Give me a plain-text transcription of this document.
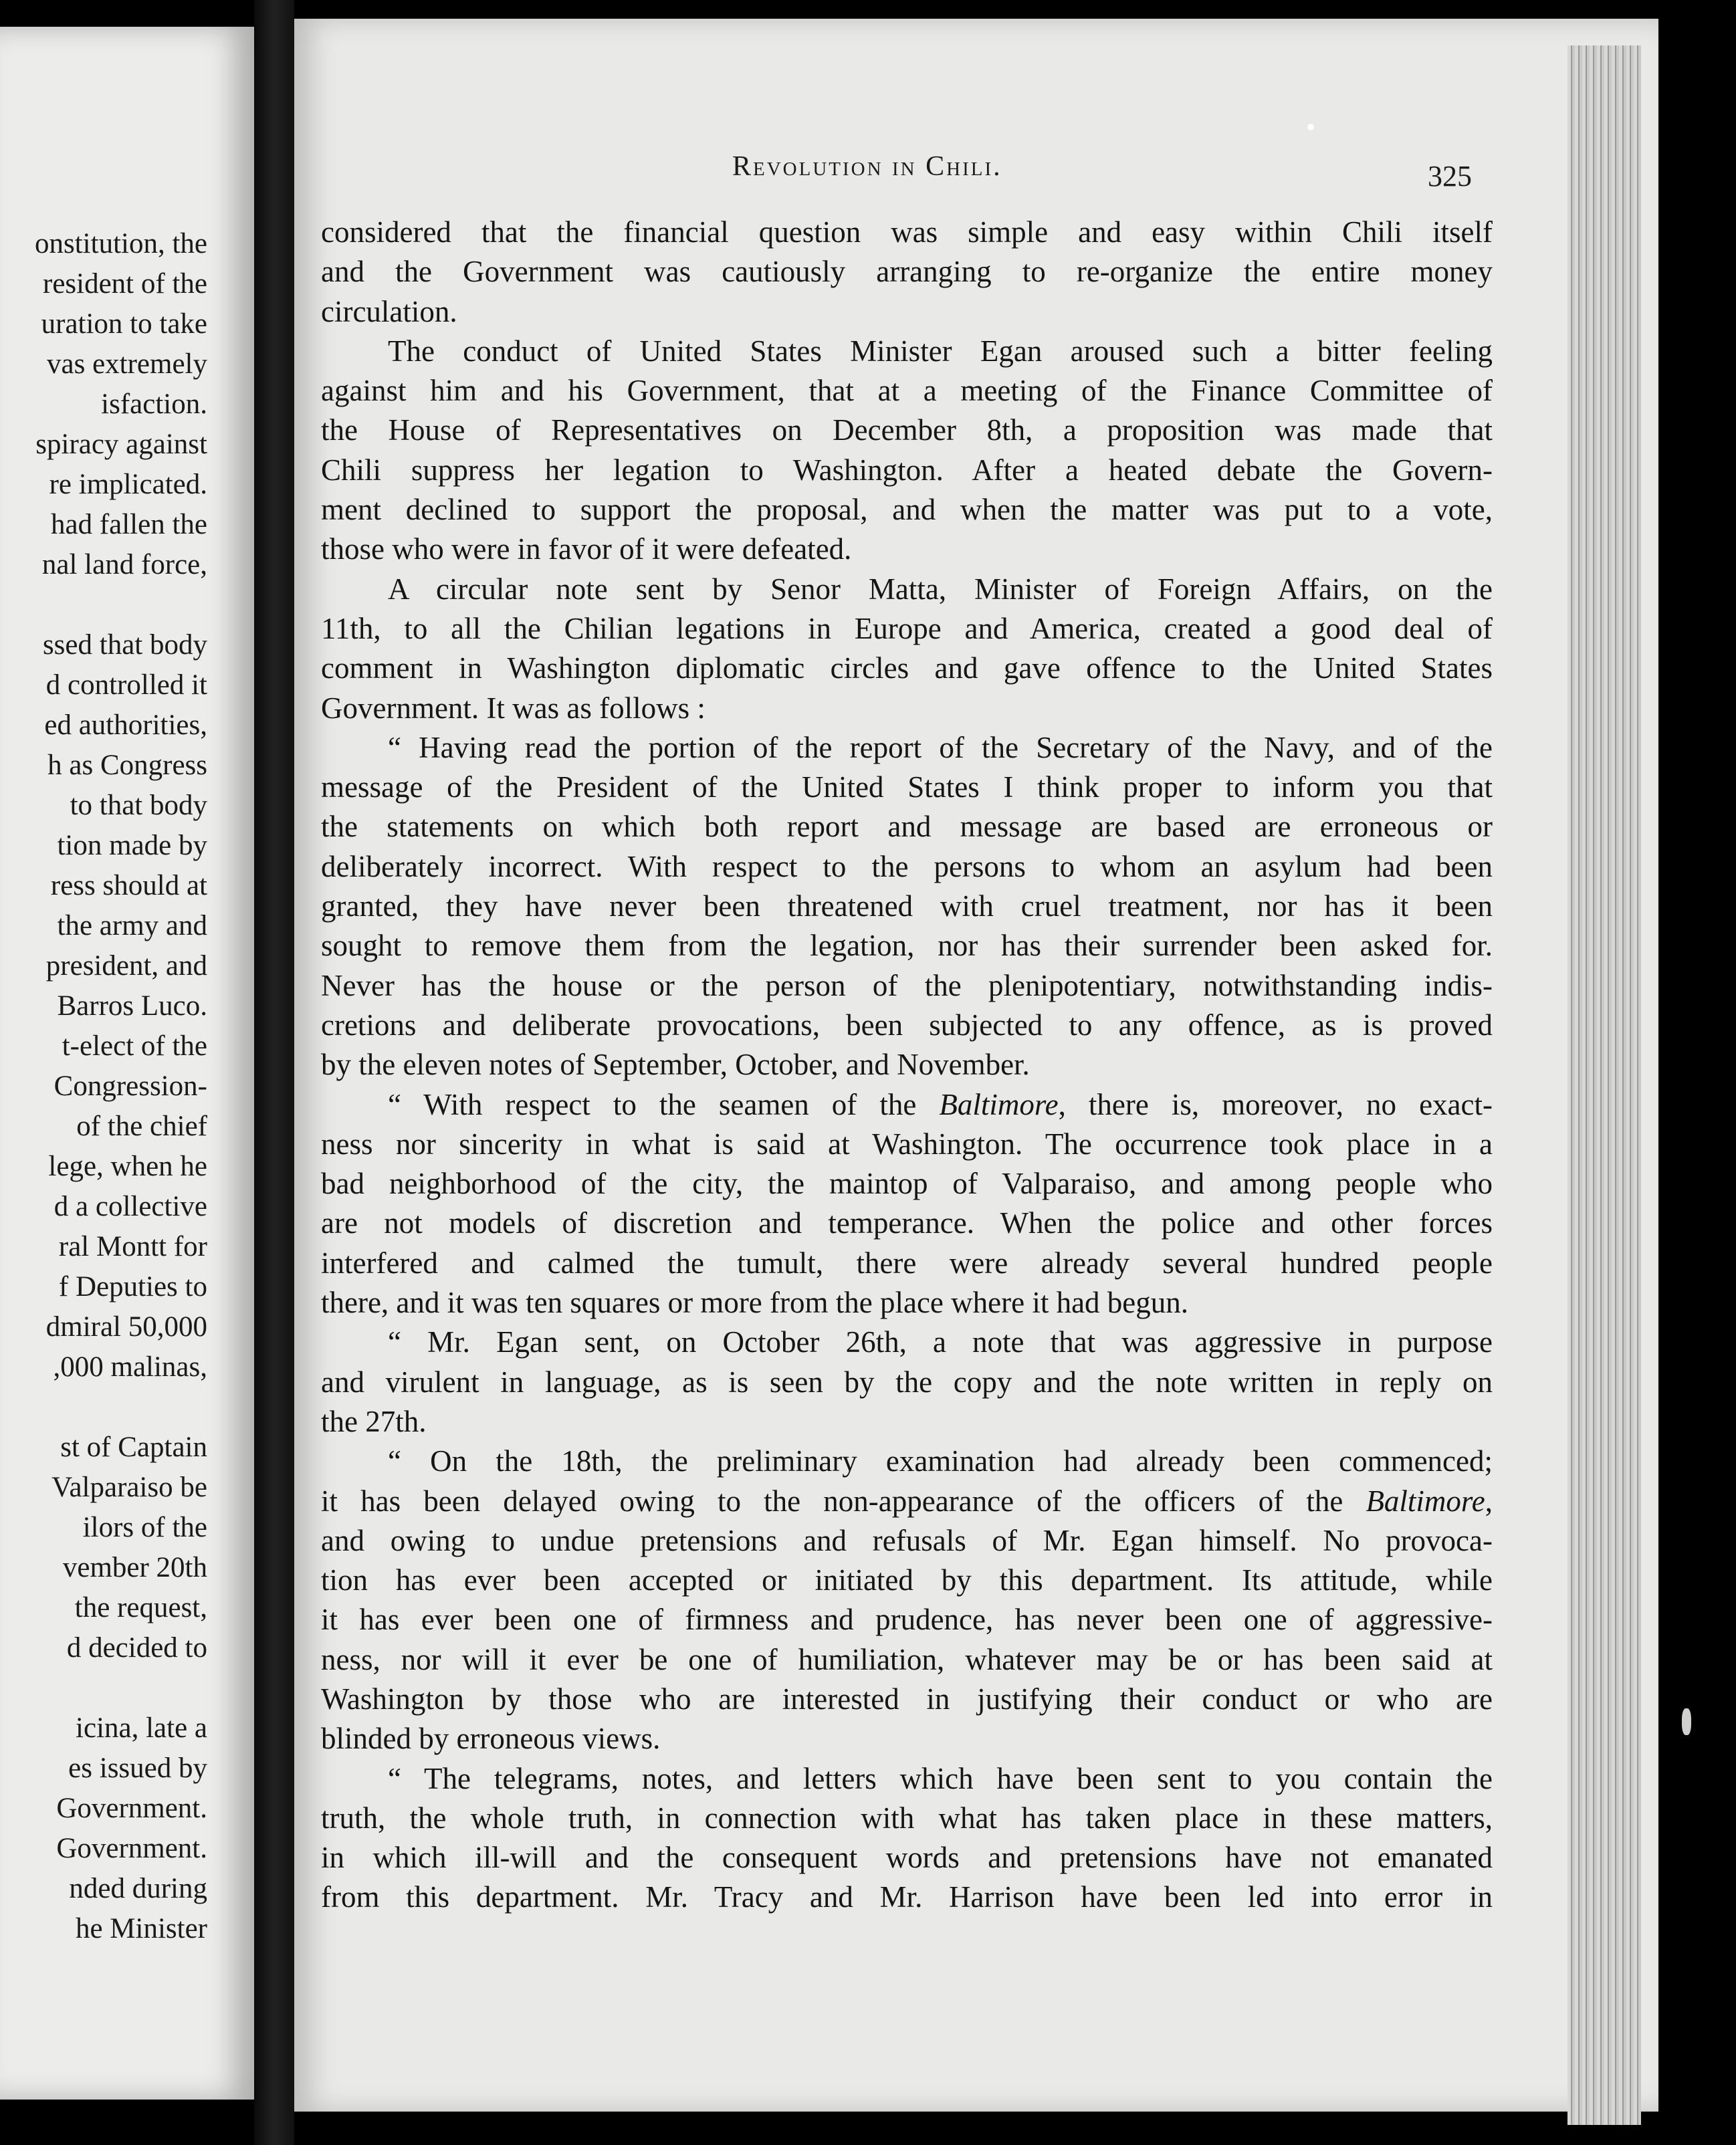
onstitution, the
resident of the
uration to take
vas extremely
isfaction.
spiracy against
re implicated.
had fallen the
nal land force,
ssed that body
d controlled it
ed authorities,
h as Congress
to that body
tion made by
ress should at
the army and
president, and
Barros Luco.
t-elect of the
Congression-
of the chief
lege, when he
d a collective
ral Montt for
f Deputies to
dmiral 50,000
,000 malinas,
st of Captain
Valparaiso be
ilors of the
vember 20th
the request,
d decided to
icina, late a
es issued by
Government.
Government.
nded during
he Minister
Revolution in Chili.	325
considered that the financial question was simple and easy within Chili itself
and the Government was cautiously arranging to re-organize the entire money
circulation.
The conduct of United States Minister Egan aroused such a bitter feeling
against him and his Government, that at a meeting of the Finance Committee of
the House of Representatives on December 8th, a proposition was made that
Chili suppress her legation to Washington. After a heated debate the Govern-
ment declined to support the proposal, and when the matter was put to a vote,
those who were in favor of it were defeated.
A circular note sent by Senor Matta, Minister of Foreign Affairs, on the
11th, to all the Chilian legations in Europe and America, created a good deal of
comment in Washington diplomatic circles and gave offence to the United States
Government. It was as follows :
“ Having read the portion of the report of the Secretary of the Navy, and of the
message of the President of the United States I think proper to inform you that
the statements on which both report and message are based are erroneous or
deliberately incorrect. With respect to the persons to whom an asylum had been
granted, they have never been threatened with cruel treatment, nor has it been
sought to remove them from the legation, nor has their surrender been asked for.
Never has the house or the person of the plenipotentiary, notwithstanding indis-
cretions and deliberate provocations, been subjected to any offence, as is proved
by the eleven notes of September, October, and November.
“ With respect to the seamen of the Baltimore, there is, moreover, no exact-
ness nor sincerity in what is said at Washington. The occurrence took place in a
bad neighborhood of the city, the maintop of Valparaiso, and among people who
are not models of discretion and temperance. When the police and other forces
interfered and calmed the tumult, there were already several hundred people
there, and it was ten squares or more from the place where it had begun.
“ Mr. Egan sent, on October 26th, a note that was aggressive in purpose
and virulent in language, as is seen by the copy and the note written in reply on
the 27th.
“ On the 18th, the preliminary examination had already been commenced;
it has been delayed owing to the non-appearance of the officers of the Baltimore,
and owing to undue pretensions and refusals of Mr. Egan himself. No provoca-
tion has ever been accepted or initiated by this department. Its attitude, while
it has ever been one of firmness and prudence, has never been one of aggressive-
ness, nor will it ever be one of humiliation, whatever may be or has been said at
Washington by those who are interested in justifying their conduct or who are
blinded by erroneous views.
“ The telegrams, notes, and letters which have been sent to you contain the
truth, the whole truth, in connection with what has taken place in these matters,
in which ill-will and the consequent words and pretensions have not emanated
from this department. Mr. Tracy and Mr. Harrison have been led into error in
